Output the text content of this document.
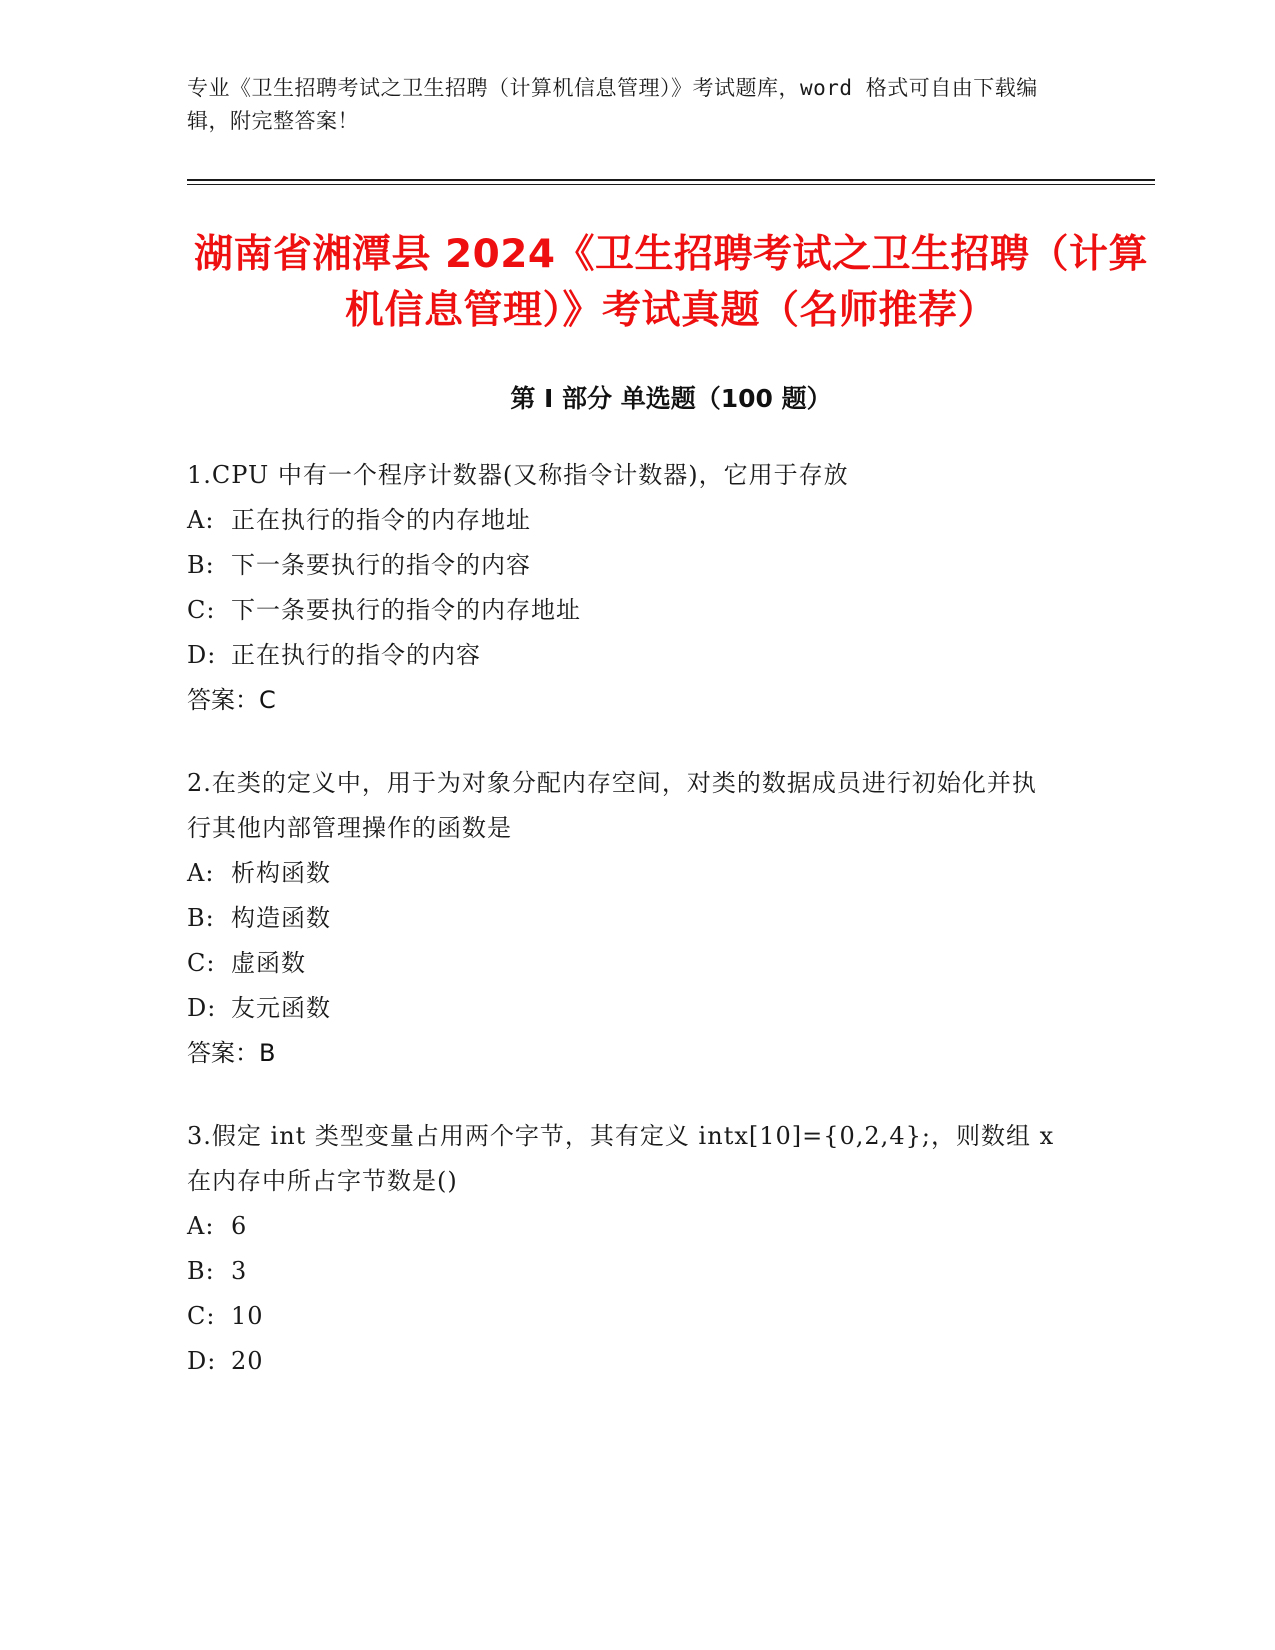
专业《卫生招聘考试之卫生招聘（计算机信息管理）》考试题库，word 格式可自由下载编辑，附完整答案！
湖南省湘潭县 2024《卫生招聘考试之卫生招聘（计算机信息管理）》考试真题（名师推荐）
第 I 部分 单选题（100 题）
1.CPU 中有一个程序计数器(又称指令计数器)，它用于存放
A: 正在执行的指令的内存地址
B: 下一条要执行的指令的内容
C: 下一条要执行的指令的内存地址
D: 正在执行的指令的内容
答案：C
2.在类的定义中，用于为对象分配内存空间，对类的数据成员进行初始化并执行其他内部管理操作的函数是
A: 析构函数
B: 构造函数
C: 虚函数
D: 友元函数
答案：B
3.假定 int 类型变量占用两个字节，其有定义 intx[10]={0,2,4};，则数组 x 在内存中所占字节数是()
A: 6
B: 3
C: 10
D: 20
